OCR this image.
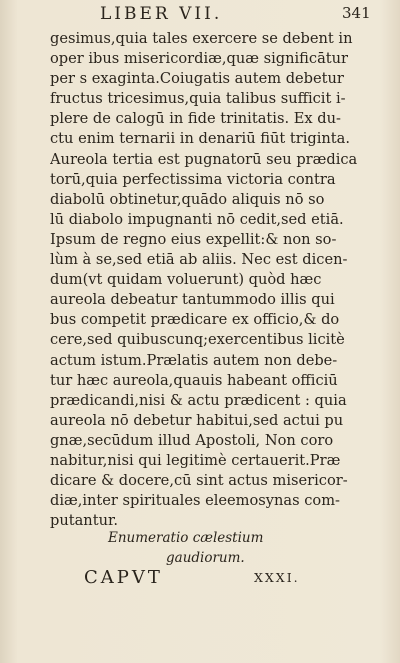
LIBER VII.	341
gesimus,quia tales exercere se debent in
oper ibus misericordiæ,quæ significātur
per s exaginta.Coiugatis autem debetur
fructus tricesimus,quia talibus sufficit i-
plere de calogū in fide trinitatis. Ex du-
ctu enim ternarii in denariū fiūt triginta.
Aureola tertia est pugnatorū seu prædica
torū,quia perfectissima victoria contra
diabolū obtinetur,quādo aliquis nō so
lū diabolo impugnanti nō cedit,sed etiā.
Ipsum de regno eius expellit:& non so-
lùm à se,sed etiā ab aliis. Nec est dicen-
dum(vt quidam voluerunt) quòd hæc
aureola debeatur tantummodo illis qui
bus competit prædicare ex officio,& do
cere,sed quibuscunq;exercentibus licitè
actum istum.Prælatis autem non debe-
tur hæc aureola,quauis habeant officiū
prædicandi,nisi & actu prædicent : quia
aureola nō debetur habitui,sed actui pu
gnæ,secūdum illud Apostoli, Non coro
nabitur,nisi qui legitimè certauerit.Præ
dicare & docere,cū sint actus misericor-
diæ,inter spirituales eleemosynas com-
putantur.
Enumeratio cælestium
gaudiorum.
CAPVT	XXXI.
